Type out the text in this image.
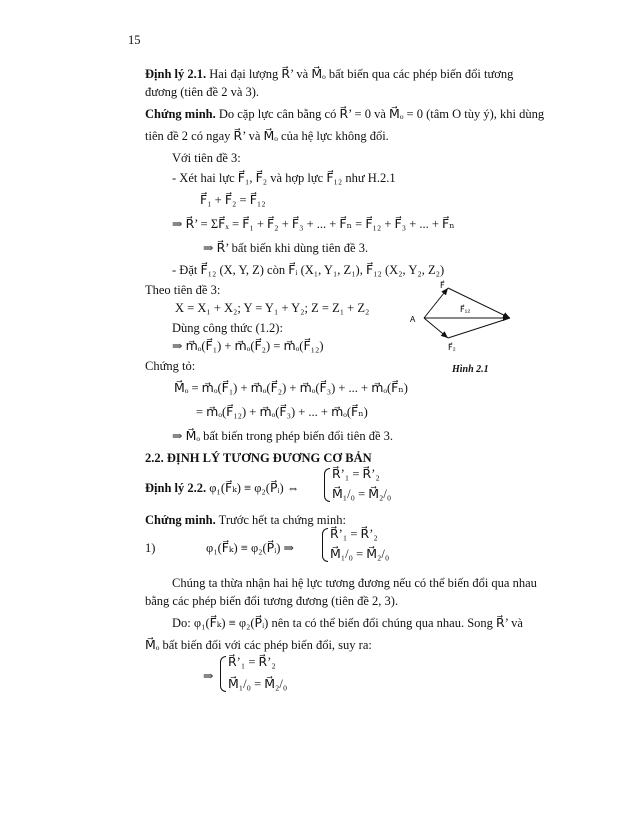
15
Định lý 2.1. Hai đại lượng R⃗’ và M⃗ₒ bất biến qua các phép biến đổi tương
đương (tiên đề 2 và 3).
Chứng minh. Do cặp lực cân bằng có R⃗’ = 0 và M⃗ₒ = 0 (tâm O tùy ý), khi dùng
tiên đề 2 có ngay R⃗’ và M⃗ₒ của hệ lực không đổi.
Với tiên đề 3:
- Xét hai lực F⃗₁, F⃗₂ và hợp lực F⃗₁₂ như H.2.1
F⃗₁ + F⃗₂ = F⃗₁₂
⇒ R⃗’ = ΣF⃗ₓ = F⃗₁ + F⃗₂ + F⃗₃ + ... + F⃗ₙ = F⃗₁₂ + F⃗₃ + ... + F⃗ₙ
⇒ R⃗’ bất biến khi dùng tiên đề 3.
- Đặt F⃗₁₂ (X, Y, Z) còn F⃗ᵢ (X₁, Y₁, Z₁), F⃗₁₂ (X₂, Y₂, Z₂)
Theo tiên đề 3:
X = X₁ + X₂; Y = Y₁ + Y₂; Z = Z₁ + Z₂
Dùng công thức (1.2):
⇒ m⃗ₒ(F⃗₁) + m⃗ₒ(F⃗₂) = m⃗ₒ(F⃗₁₂)
Chứng tỏ:
M⃗ₒ = m⃗ₒ(F⃗₁) + m⃗ₒ(F⃗₂) + m⃗ₒ(F⃗₃) + ... + m⃗ₒ(F⃗ₙ)
= m⃗ₒ(F⃗₁₂) + m⃗ₒ(F⃗₃) + ... + m⃗ₒ(F⃗ₙ)
⇒ M⃗ₒ bất biến trong phép biến đổi tiên đề 3.
F⃗
F⃗₁₂
F⃗₂
A
Hình 2.1
2.2. ĐỊNH LÝ TƯƠNG ĐƯƠNG CƠ BẢN
Định lý 2.2. φ₁(F⃗ₖ) ≡ φ₂(P⃗ᵢ) ⇔
R⃗’₁ = R⃗’₂
M⃗₁/₀ = M⃗₂/₀
Chứng minh. Trước hết ta chứng minh:
1)	φ₁(F⃗ₖ) ≡ φ₂(P⃗ᵢ) ⇒
R⃗’₁ = R⃗’₂
M⃗₁/₀ = M⃗₂/₀
Chúng ta thừa nhận hai hệ lực tương đương nếu có thể biến đổi qua nhau
bằng các phép biến đổi tương đương (tiên đề 2, 3).
Do: φ₁(F⃗ₖ) ≡ φ₂(P⃗ᵢ) nên ta có thể biến đổi chúng qua nhau. Song R⃗’ và
M⃗ₒ bất biến đối với các phép biến đổi, suy ra:
⇒
R⃗’₁ = R⃗’₂
M⃗₁/₀ = M⃗₂/₀
